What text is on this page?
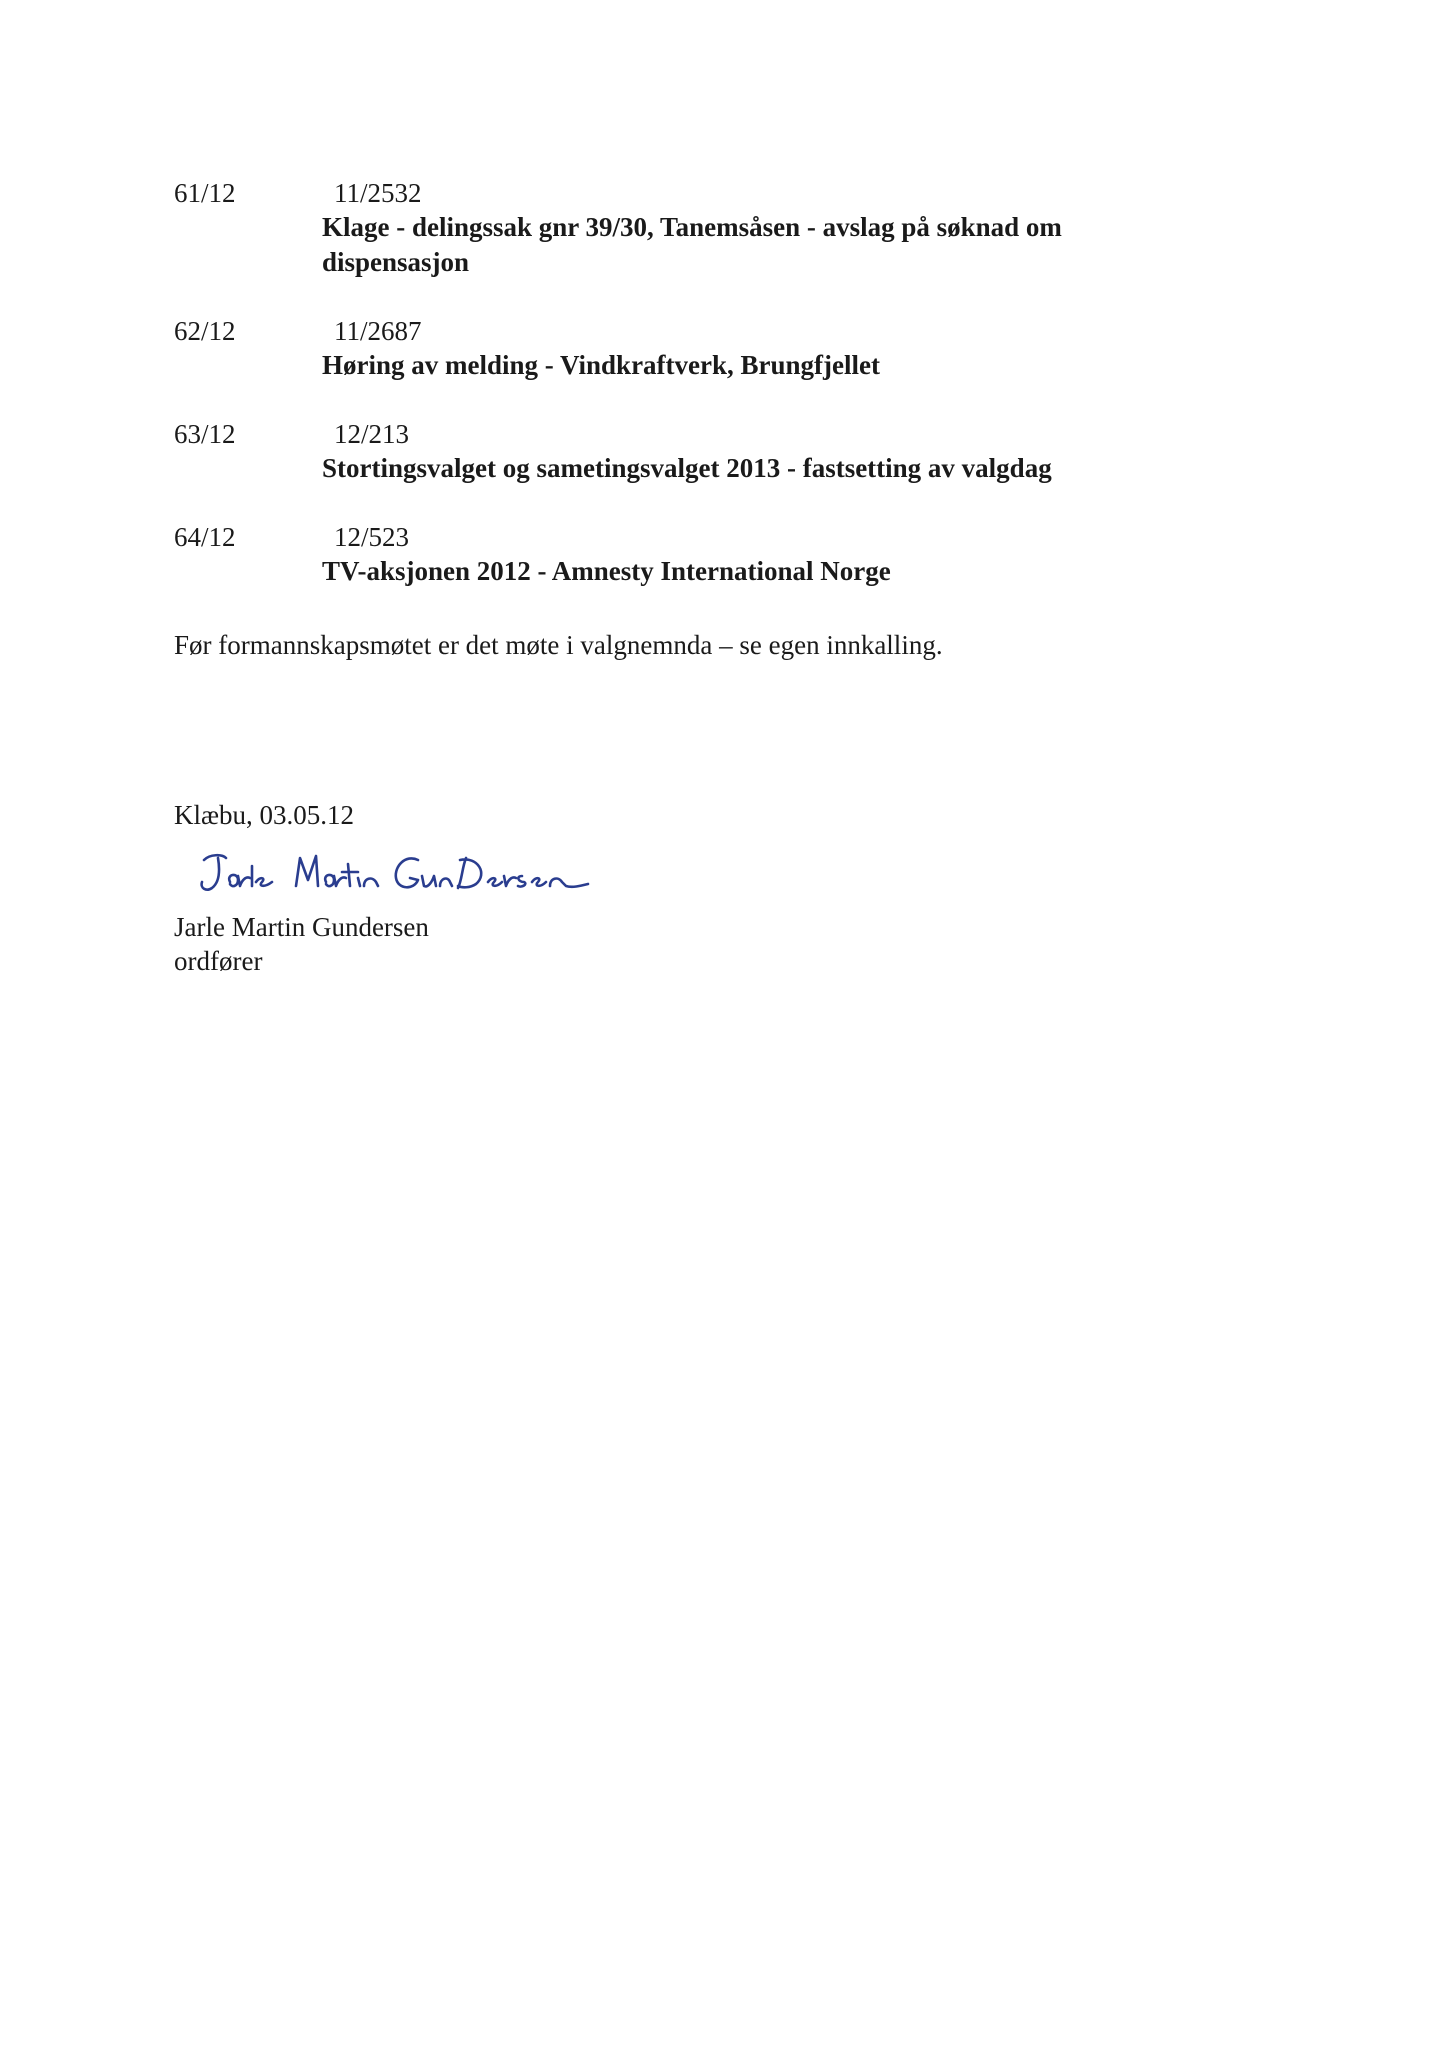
61/12	11/2532
Klage - delingssak gnr 39/30, Tanemsåsen - avslag på søknad om dispensasjon
62/12	11/2687
Høring av melding - Vindkraftverk, Brungfjellet
63/12	12/213
Stortingsvalget og sametingsvalget 2013 - fastsetting av valgdag
64/12	12/523
TV-aksjonen 2012 - Amnesty International Norge
Før formannskapsmøtet er det møte i valgnemnda – se egen innkalling.
Klæbu, 03.05.12
Jarle Martin Gundersen
ordfører
